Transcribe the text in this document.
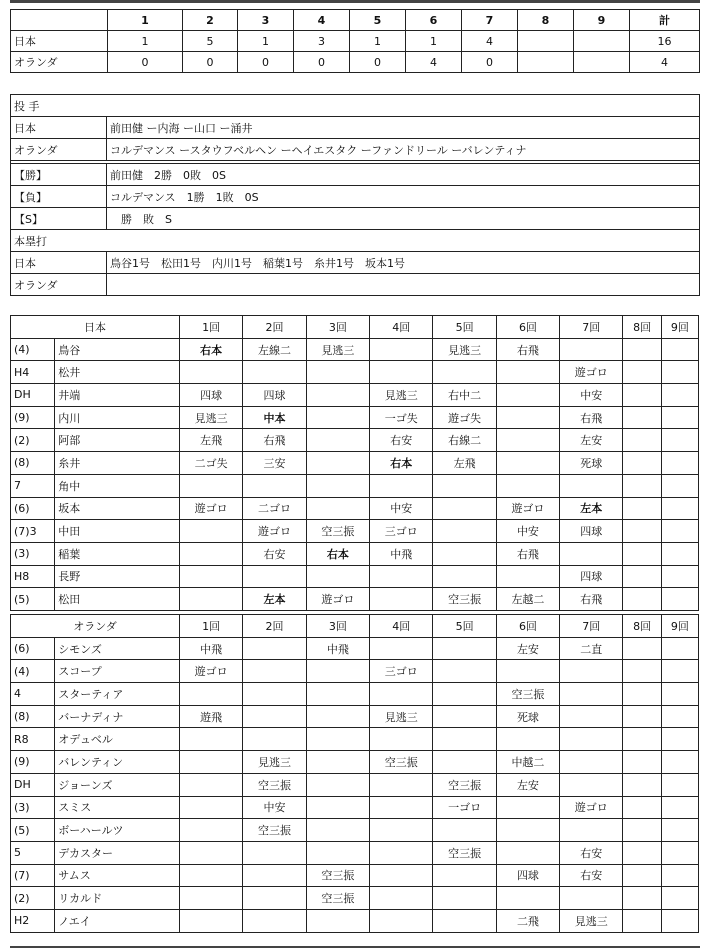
	1	2	3	4	5	6	7	8	9	計
日本	1	5	1	3	1	1	4			16
オランダ	0	0	0	0	0	4	0			4
投 手	
日本	前田健 ー内海 ー山口 ー涌井
オランダ	コルデマンス ースタウフベルヘン ーヘイエスタク ーファンドリール ーバレンティナ

【勝】	前田健　2勝　0敗　0S
【負】	コルデマンス　1勝　1敗　0S
【S】	　勝　敗　S
本塁打	
日本	鳥谷1号　松田1号　内川1号　稲葉1号　糸井1号　坂本1号
オランダ	
日本		1回	2回	3回	4回	5回	6回	7回	8回	9回
(4)	鳥谷	右本	左線二	見逃三		見逃三	右飛			
H4	松井							遊ゴロ		
DH	井端	四球	四球		見逃三	右中二		中安		
(9)	内川	見逃三	中本		一ゴ失	遊ゴ失		右飛		
(2)	阿部	左飛	右飛		右安	右線二		左安		
(8)	糸井	二ゴ失	三安		右本	左飛		死球		
7	角中									
(6)	坂本	遊ゴロ	二ゴロ		中安		遊ゴロ	左本		
(7)3	中田		遊ゴロ	空三振	三ゴロ		中安	四球		
(3)	稲葉		右安	右本	中飛		右飛			
H8	長野							四球		
(5)	松田		左本	遊ゴロ		空三振	左越二	右飛		
オランダ		1回	2回	3回	4回	5回	6回	7回	8回	9回
(6)	シモンズ	中飛		中飛			左安	二直		
(4)	スコープ	遊ゴロ			三ゴロ					
4	スターティア						空三振			
(8)	バーナディナ	遊飛			見逃三		死球			
R8	オデュベル									
(9)	バレンティン		見逃三		空三振		中越二			
DH	ジョーンズ		空三振			空三振	左安			
(3)	スミス		中安			一ゴロ		遊ゴロ		
(5)	ボーハールツ		空三振							
5	デカスター					空三振		右安		
(7)	サムス			空三振			四球	右安		
(2)	リカルド			空三振						
H2	ノエイ						二飛	見逃三		
